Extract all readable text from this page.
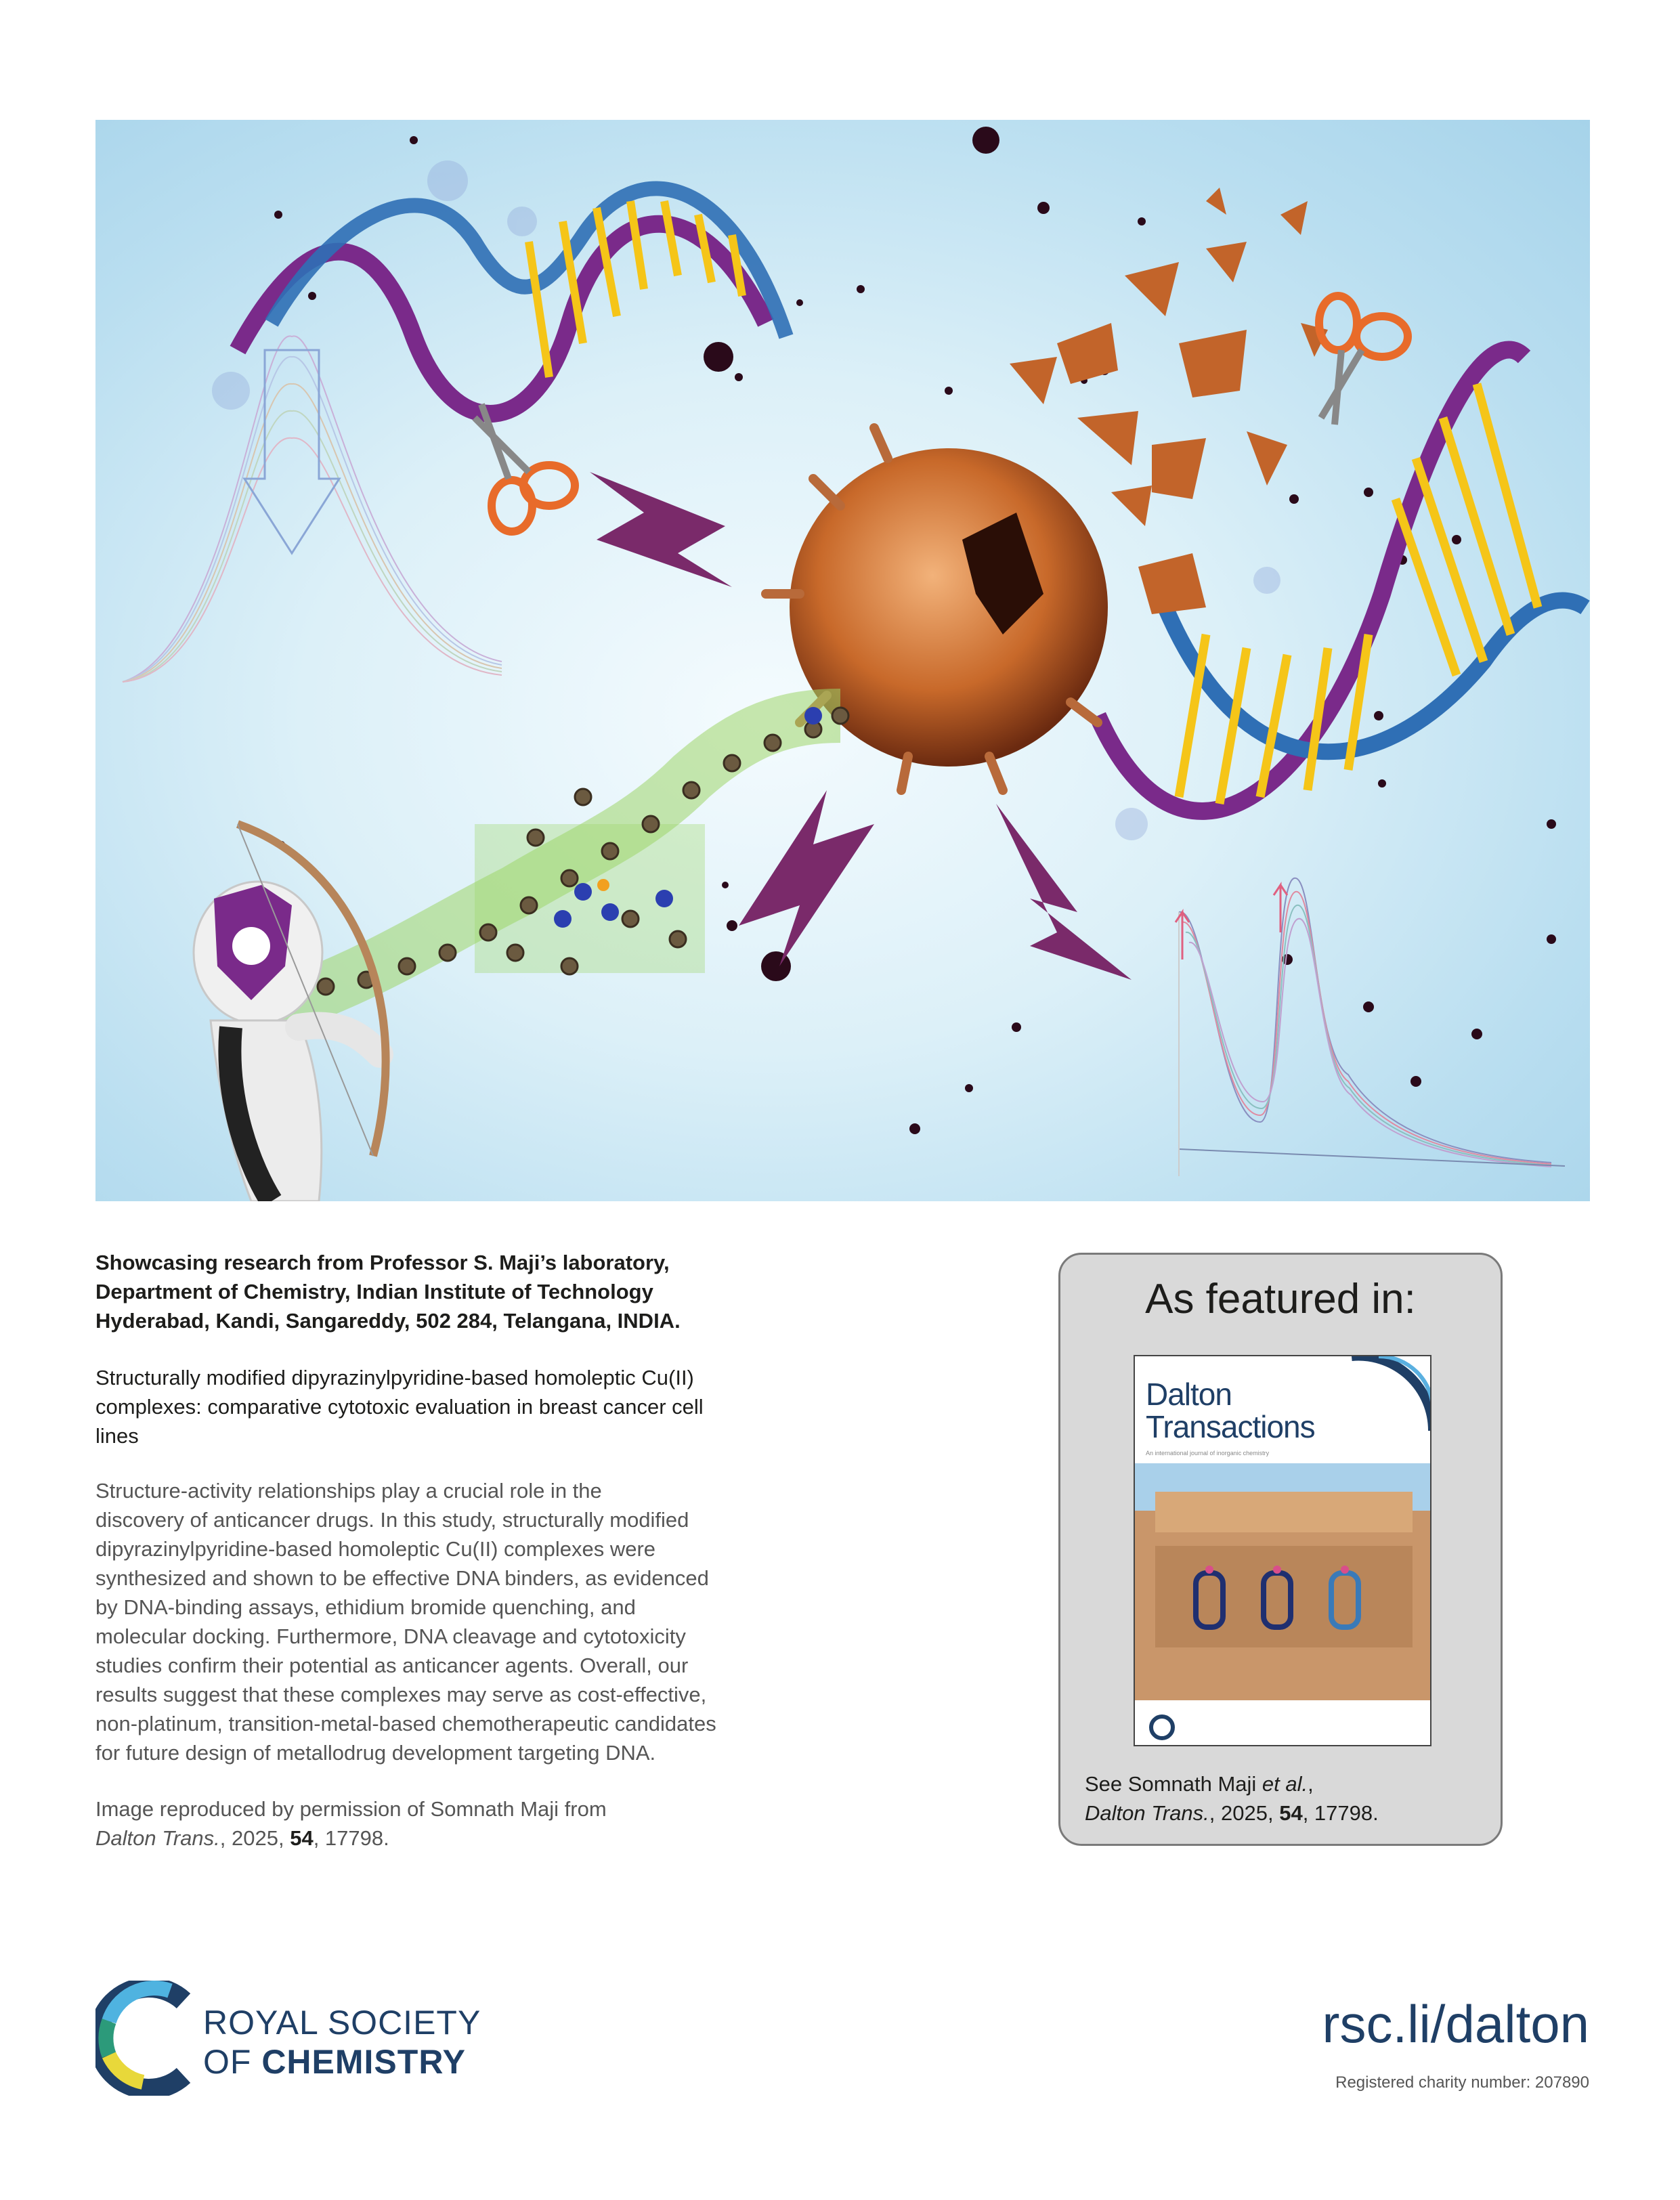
Showcasing research from Professor S. Maji’s laboratory,
Department of Chemistry, Indian Institute of Technology
Hyderabad, Kandi, Sangareddy, 502 284, Telangana, INDIA.
Structurally modified dipyrazinylpyridine-based homoleptic Cu(II)
complexes: comparative cytotoxic evaluation in breast cancer cell
lines
Structure-activity relationships play a crucial role in the
discovery of anticancer drugs. In this study, structurally modified
dipyrazinylpyridine-based homoleptic Cu(II) complexes were
synthesized and shown to be effective DNA binders, as evidenced
by DNA-binding assays, ethidium bromide quenching, and
molecular docking. Furthermore, DNA cleavage and cytotoxicity
studies confirm their potential as anticancer agents. Overall, our
results suggest that these complexes may serve as cost-effective,
non-platinum, transition-metal-based chemotherapeutic candidates
for future design of metallodrug development targeting DNA.
Image reproduced by permission of Somnath Maji from
Dalton Trans., 2025, 54, 17798.
As featured in:
Dalton
Transactions
An international journal of inorganic chemistry
See Somnath Maji et al.,
Dalton Trans., 2025, 54, 17798.
ROYAL SOCIETY
OF CHEMISTRY
rsc.li/dalton
Registered charity number: 207890
